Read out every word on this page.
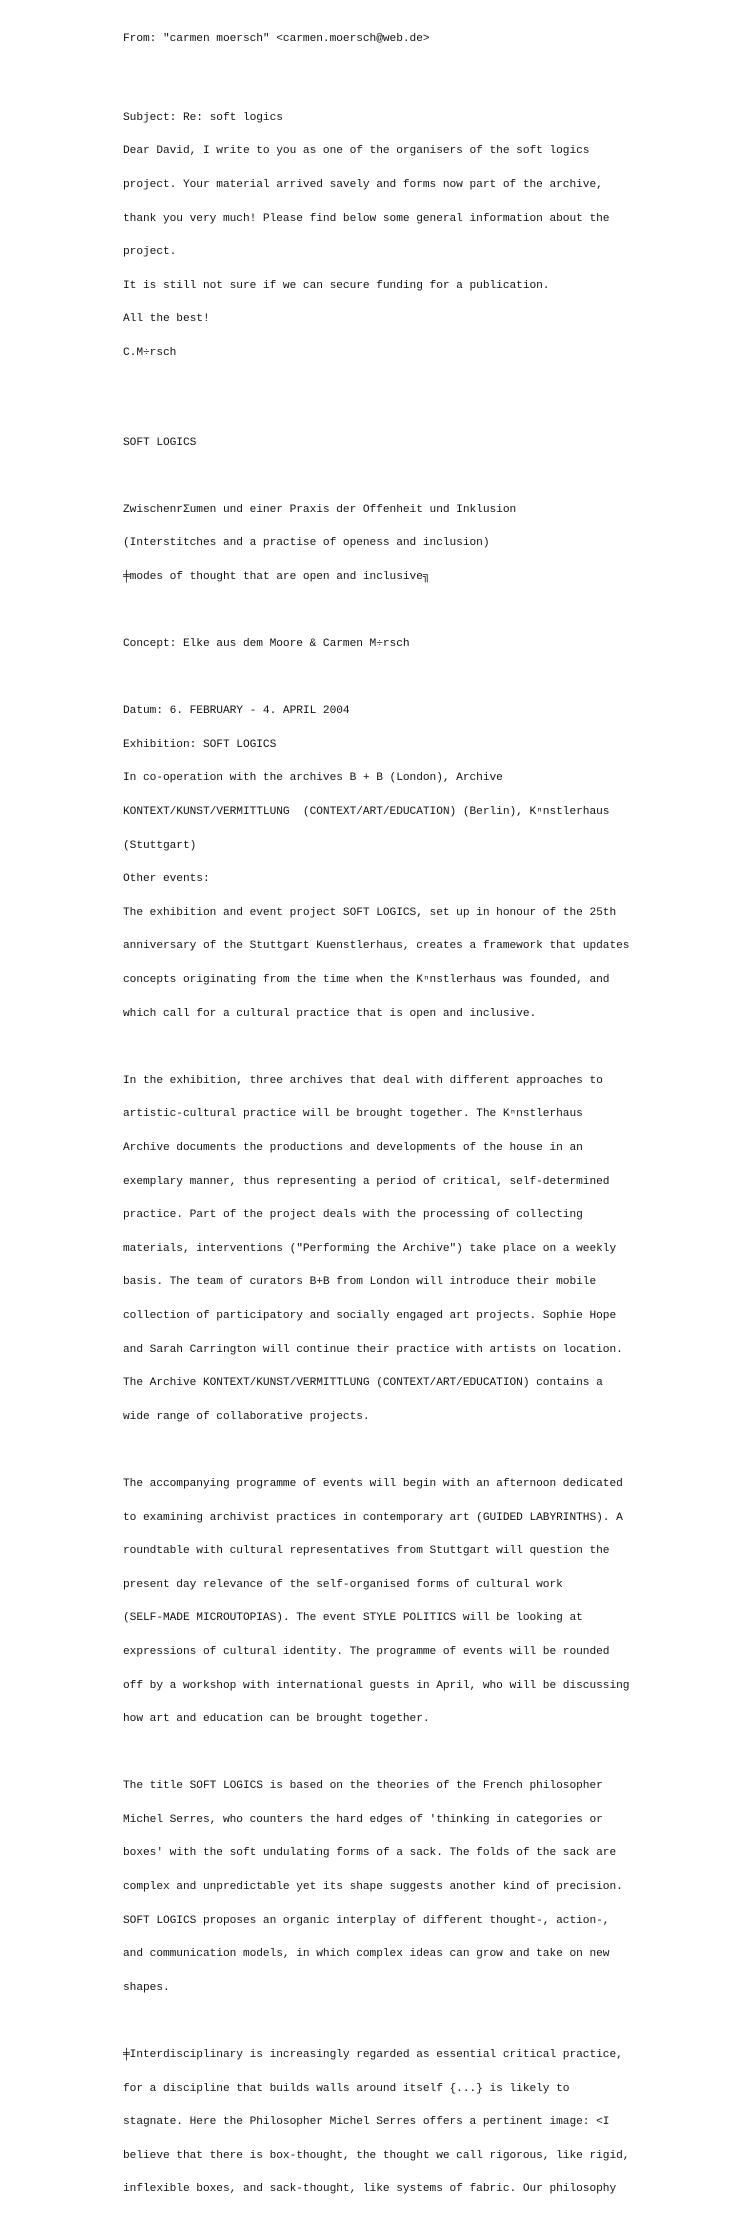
From: "carmen moersch" <carmen.moersch@web.de>

Subject: Re: soft logics

Dear David, I write to you as one of the organisers of the soft logics

project. Your material arrived savely and forms now part of the archive,

thank you very much! Please find below some general information about the

project.

It is still not sure if we can secure funding for a publication.

All the best!

C.M÷rsch

SOFT LOGICS

ZwischenrΣumen und einer Praxis der Offenheit und Inklusion

(Interstitches and a practise of openess and inclusion)

╪modes of thought that are open and inclusive╗

Concept: Elke aus dem Moore & Carmen M÷rsch

Datum: 6. FEBRUARY - 4. APRIL 2004

Exhibition: SOFT LOGICS

In co-operation with the archives B + B (London), Archive

KONTEXT/KUNST/VERMITTLUNG  (CONTEXT/ART/EDUCATION) (Berlin), Kⁿnstlerhaus

(Stuttgart)

Other events:

The exhibition and event project SOFT LOGICS, set up in honour of the 25th

anniversary of the Stuttgart Kuenstlerhaus, creates a framework that updates

concepts originating from the time when the Kⁿnstlerhaus was founded, and

which call for a cultural practice that is open and inclusive.

In the exhibition, three archives that deal with different approaches to

artistic-cultural practice will be brought together. The Kⁿnstlerhaus

Archive documents the productions and developments of the house in an

exemplary manner, thus representing a period of critical, self-determined

practice. Part of the project deals with the processing of collecting

materials, interventions ("Performing the Archive") take place on a weekly

basis. The team of curators B+B from London will introduce their mobile

collection of participatory and socially engaged art projects. Sophie Hope

and Sarah Carrington will continue their practice with artists on location.

The Archive KONTEXT/KUNST/VERMITTLUNG (CONTEXT/ART/EDUCATION) contains a

wide range of collaborative projects.

The accompanying programme of events will begin with an afternoon dedicated

to examining archivist practices in contemporary art (GUIDED LABYRINTHS). A

roundtable with cultural representatives from Stuttgart will question the

present day relevance of the self-organised forms of cultural work

(SELF-MADE MICROUTOPIAS). The event STYLE POLITICS will be looking at

expressions of cultural identity. The programme of events will be rounded

off by a workshop with international guests in April, who will be discussing

how art and education can be brought together.

The title SOFT LOGICS is based on the theories of the French philosopher

Michel Serres, who counters the hard edges of 'thinking in categories or

boxes' with the soft undulating forms of a sack. The folds of the sack are

complex and unpredictable yet its shape suggests another kind of precision.

SOFT LOGICS proposes an organic interplay of different thought-, action-,

and communication models, in which complex ideas can grow and take on new

shapes.

╪Interdisciplinary is increasingly regarded as essential critical practice,

for a discipline that builds walls around itself {...} is likely to

stagnate. Here the Philosopher Michel Serres offers a pertinent image: <I

believe that there is box-thought, the thought we call rigorous, like rigid,

inflexible boxes, and sack-thought, like systems of fabric. Our philosophy
